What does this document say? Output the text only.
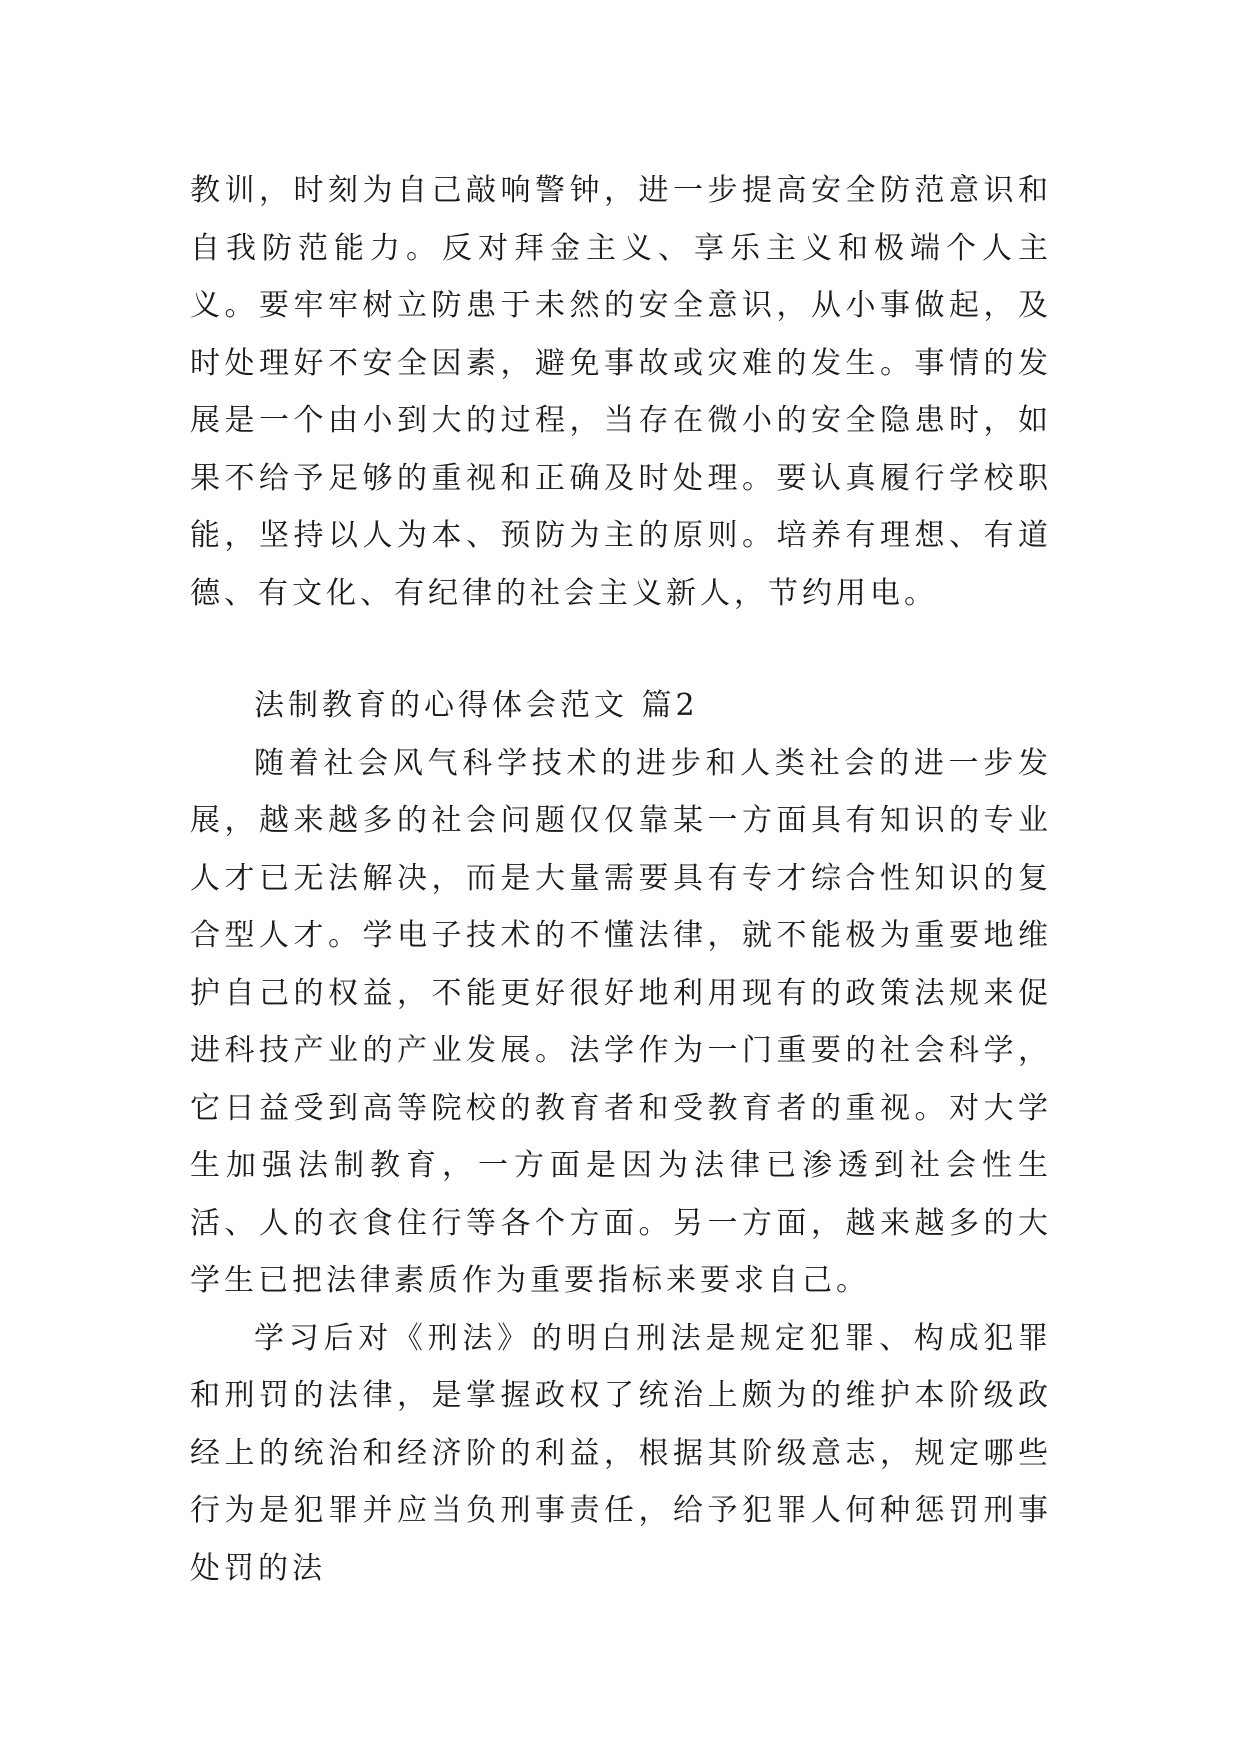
教训，时刻为自己敲响警钟，进一步提高安全防范意识和自我防范能力。反对拜金主义、享乐主义和极端个人主义。要牢牢树立防患于未然的安全意识，从小事做起，及时处理好不安全因素，避免事故或灾难的发生。事情的发展是一个由小到大的过程，当存在微小的安全隐患时，如果不给予足够的重视和正确及时处理。要认真履行学校职能，坚持以人为本、预防为主的原则。培养有理想、有道德、有文化、有纪律的社会主义新人，节约用电。

法制教育的心得体会范文 篇2

随着社会风气科学技术的进步和人类社会的进一步发展，越来越多的社会问题仅仅靠某一方面具有知识的专业人才已无法解决，而是大量需要具有专才综合性知识的复合型人才。学电子技术的不懂法律，就不能极为重要地维护自己的权益，不能更好很好地利用现有的政策法规来促进科技产业的产业发展。法学作为一门重要的社会科学，它日益受到高等院校的教育者和受教育者的重视。对大学生加强法制教育，一方面是因为法律已渗透到社会性生活、人的衣食住行等各个方面。另一方面，越来越多的大学生已把法律素质作为重要指标来要求自己。

学习后对《刑法》的明白刑法是规定犯罪、构成犯罪和刑罚的法律，是掌握政权了统治上颇为的维护本阶级政经上的统治和经济阶的利益，根据其阶级意志，规定哪些行为是犯罪并应当负刑事责任，给予犯罪人何种惩罚刑事处罚的法
